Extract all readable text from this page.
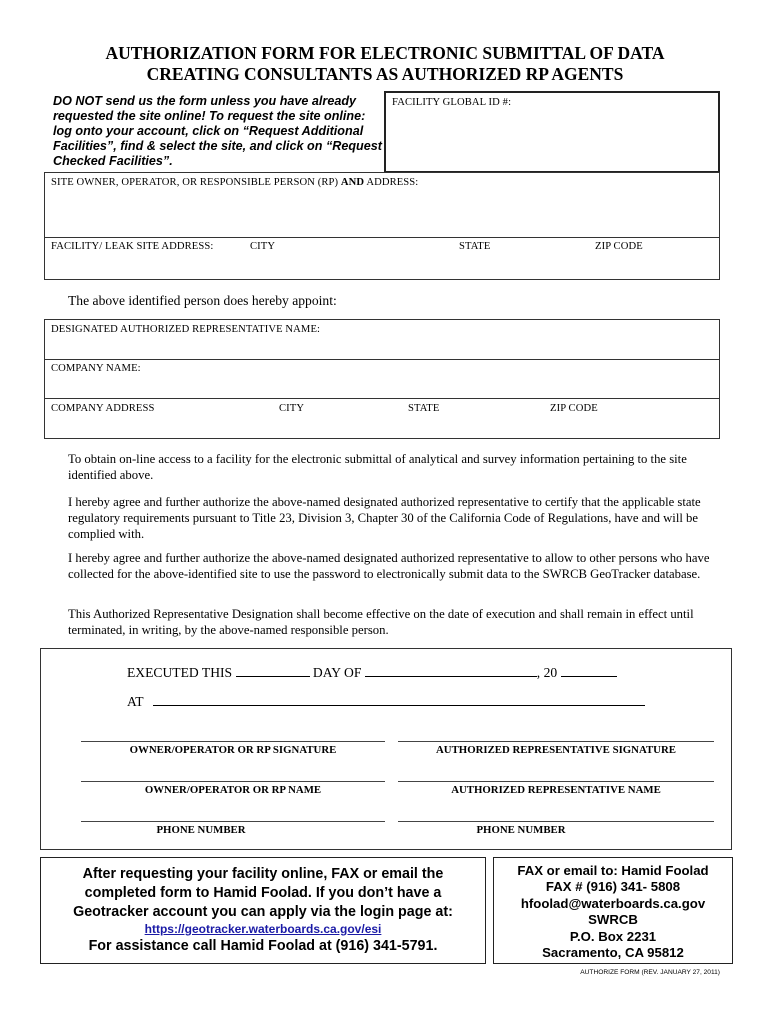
AUTHORIZATION FORM FOR ELECTRONIC SUBMITTAL OF DATA
CREATING CONSULTANTS AS AUTHORIZED RP AGENTS
DO NOT send us the form unless you have already requested the site online! To request the site online: log onto your account, click on “Request Additional Facilities”, find & select the site, and click on “Request Checked Facilities”.
FACILITY GLOBAL ID #:
SITE OWNER, OPERATOR, OR RESPONSIBLE PERSON (RP) AND ADDRESS:
FACILITY/ LEAK SITE ADDRESS:	CITY	STATE	ZIP CODE
The above identified person does hereby appoint:
DESIGNATED AUTHORIZED REPRESENTATIVE NAME:
COMPANY NAME:
COMPANY ADDRESS	CITY	STATE	ZIP CODE
To obtain on-line access to a facility for the electronic submittal of analytical and survey information pertaining to the site identified above.
I hereby agree and further authorize the above-named designated authorized representative to certify that the applicable state regulatory requirements pursuant to Title 23, Division 3, Chapter 30 of the California Code of Regulations, have and will be complied with.
I hereby agree and further authorize the above-named designated authorized representative to allow to other persons who have collected for the above-identified site to use the password to electronically submit data to the SWRCB GeoTracker database.
This Authorized Representative Designation shall become effective on the date of execution and shall remain in effect until terminated, in writing, by the above-named responsible person.
EXECUTED THIS	DAY OF	, 20
AT
OWNER/OPERATOR OR RP SIGNATURE	AUTHORIZED REPRESENTATIVE SIGNATURE
OWNER/OPERATOR OR RP NAME	AUTHORIZED REPRESENTATIVE NAME
PHONE NUMBER	PHONE NUMBER
After requesting your facility online, FAX or email the
completed form to Hamid Foolad. If you don’t have a
Geotracker account you can apply via the login page at:
https://geotracker.waterboards.ca.gov/esi
For assistance call Hamid Foolad at (916) 341-5791.
FAX or email to: Hamid Foolad
FAX # (916) 341- 5808
hfoolad@waterboards.ca.gov
SWRCB
P.O. Box 2231
Sacramento, CA 95812
AUTHORIZE FORM (REV. JANUARY 27, 2011)
